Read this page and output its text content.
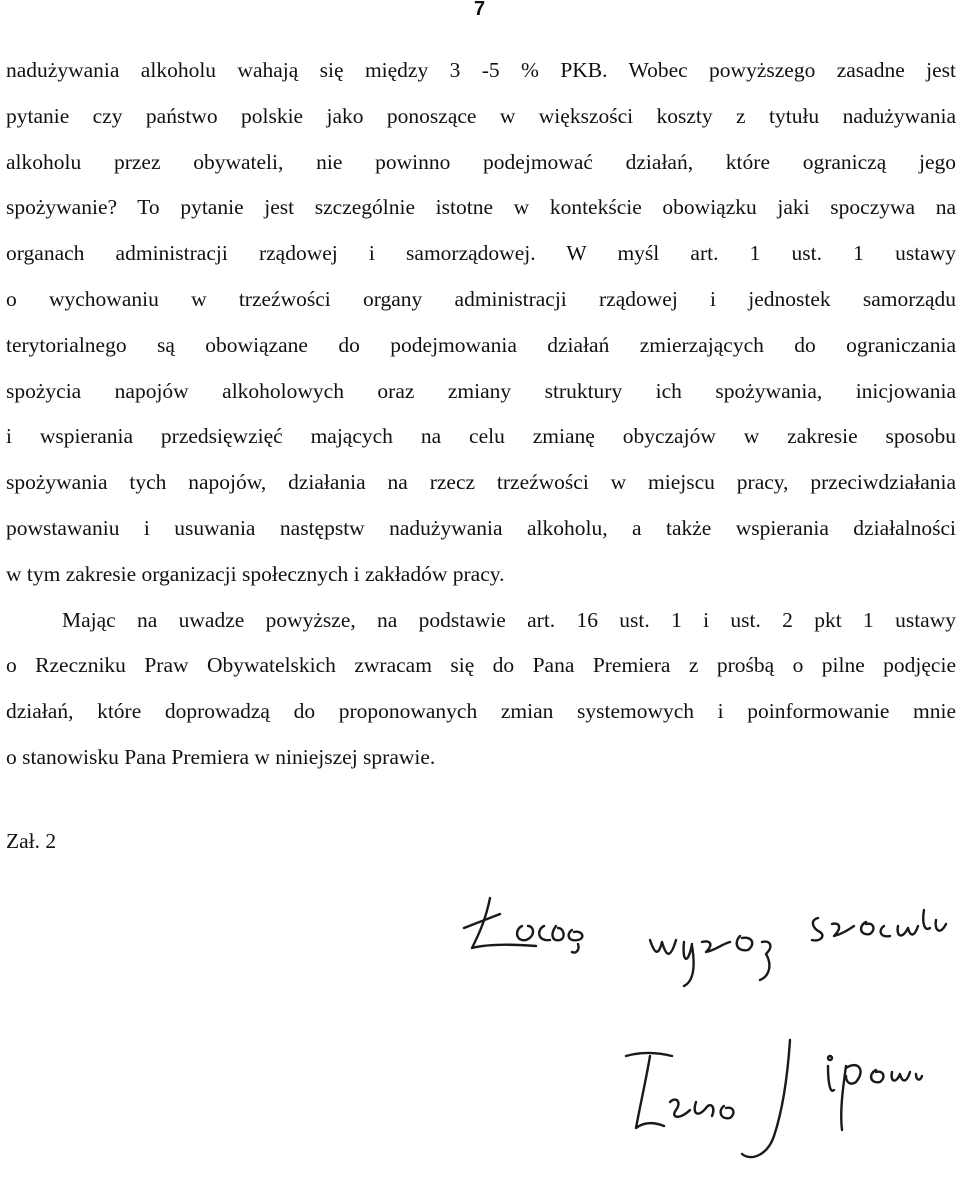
7
nadużywania alkoholu wahają się między 3 -5 % PKB. Wobec powyższego zasadne jest
pytanie czy państwo polskie jako ponoszące w większości koszty z tytułu nadużywania
alkoholu przez obywateli, nie powinno podejmować działań, które ograniczą jego
spożywanie? To pytanie jest szczególnie istotne w kontekście obowiązku jaki spoczywa na
organach administracji rządowej i samorządowej. W myśl art. 1 ust. 1 ustawy
o wychowaniu w trzeźwości organy administracji rządowej i jednostek samorządu
terytorialnego są obowiązane do podejmowania działań zmierzających do ograniczania
spożycia napojów alkoholowych oraz zmiany struktury ich spożywania, inicjowania
i wspierania przedsięwzięć mających na celu zmianę obyczajów w zakresie sposobu
spożywania tych napojów, działania na rzecz trzeźwości w miejscu pracy, przeciwdziałania
powstawaniu i usuwania następstw nadużywania alkoholu, a także wspierania działalności
w tym zakresie organizacji społecznych i zakładów pracy.
Mając na uwadze powyższe, na podstawie art. 16 ust. 1 i ust. 2 pkt 1 ustawy
o Rzeczniku Praw Obywatelskich zwracam się do Pana Premiera z prośbą o pilne podjęcie
działań, które doprowadzą do proponowanych zmian systemowych i poinformowanie mnie
o stanowisku Pana Premiera w niniejszej sprawie.
Zał. 2
